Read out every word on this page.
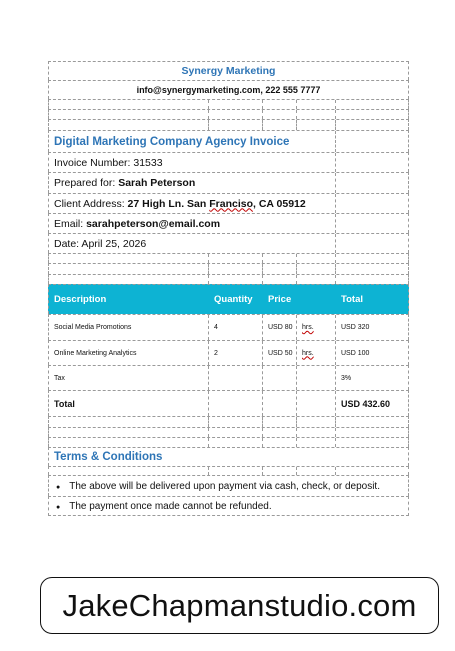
Synergy Marketing
info@synergymarketing.com, 222 555 7777
Digital Marketing Company Agency Invoice
Invoice Number: 31533
Prepared for: Sarah Peterson
Client Address: 27 High Ln. San Franciso, CA 05912
Email: sarahpeterson@email.com
Date: April 25, 2026
Description	Quantity	Price	Total
Social Media Promotions	4	USD 80	hrs.	USD 320
Online Marketing Analytics	2	USD 50	hrs.	USD 100
Tax	3%
Total	USD 432.60
Terms & Conditions
●
The above will be delivered upon payment via cash, check, or deposit.
●
The payment once made cannot be refunded.
JakeChapmanstudio.com
